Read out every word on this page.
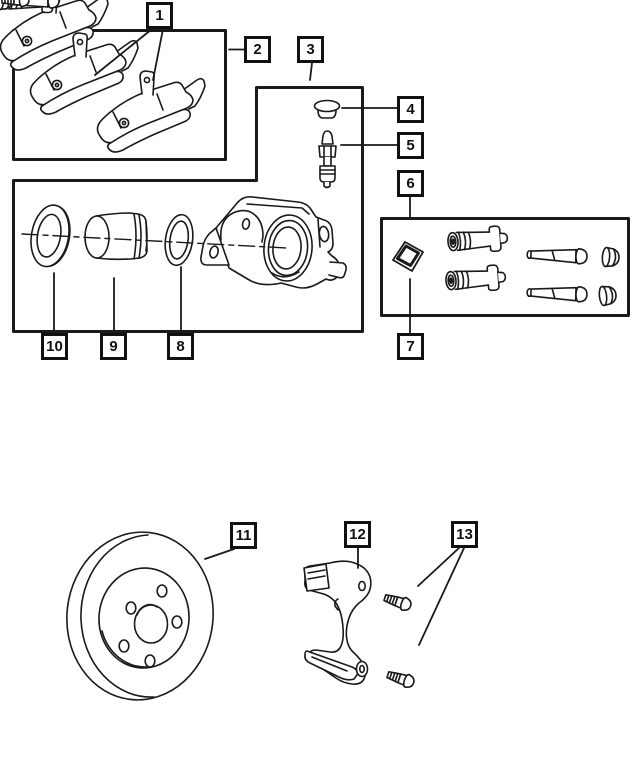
1
2	3
4
5
6
7
8
9
10
11	12	13
